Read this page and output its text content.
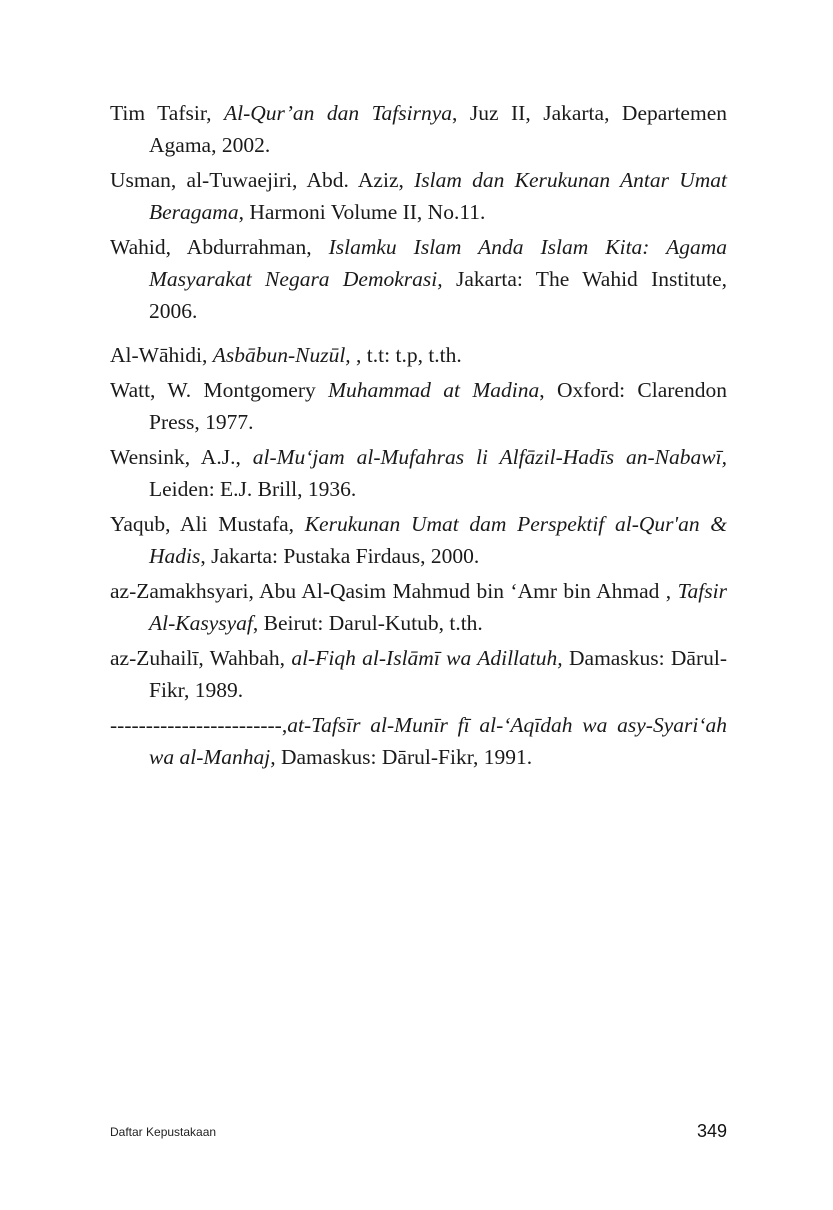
Tim Tafsir, Al-Qur’an dan Tafsirnya, Juz II, Jakarta, Departemen Agama, 2002.

Usman, al-Tuwaejiri, Abd. Aziz, Islam dan Kerukunan Antar Umat Beragama, Harmoni Volume II, No.11.

Wahid, Abdurrahman, Islamku Islam Anda Islam Kita: Agama Masyarakat Negara Demokrasi, Jakarta: The Wahid Institute, 2006.

Al-Wāhidi, Asbābun-Nuzūl, , t.t: t.p, t.th.

Watt, W. Montgomery Muhammad at Madina, Oxford: Clarendon Press, 1977.

Wensink, A.J., al-Mu‘jam al-Mufahras li Alfāzil-Hadīs an-Nabawī, Leiden: E.J. Brill, 1936.

Yaqub, Ali Mustafa, Kerukunan Umat dam Perspektif al-Qur'an & Hadis, Jakarta: Pustaka Firdaus, 2000.

az-Zamakhsyari, Abu Al-Qasim Mahmud bin ‘Amr bin Ahmad , Tafsir Al-Kasysyaf, Beirut: Darul-Kutub, t.th.

az-Zuhailī, Wahbah, al-Fiqh al-Islāmī wa Adillatuh, Damaskus: Dārul-Fikr, 1989.

------------------------,at-Tafsīr al-Munīr fī al-‘Aqīdah wa asy-Syari‘ah wa al-Manhaj, Damaskus: Dārul-Fikr, 1991.

Daftar Kepustakaan	349
